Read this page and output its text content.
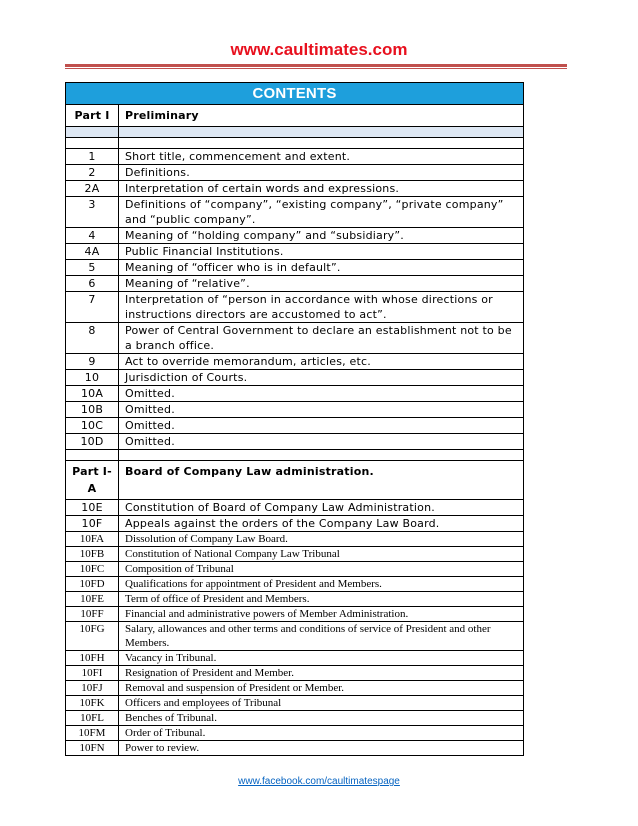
www.caultimates.com
CONTENTS	
Part I	Preliminary

1	Short title, commencement and extent.
2	Definitions.
2A	Interpretation of certain words and expressions.
3	Definitions of “company”, “existing company”, “private company” and “public company”.
4	Meaning of “holding company” and “subsidiary”.
4A	Public Financial Institutions.
5	Meaning of “officer who is in default”.
6	Meaning of “relative”.
7	Interpretation of “person in accordance with whose directions or instructions directors are accustomed to act”.
8	Power of Central Government to declare an establishment not to be a branch office.
9	Act to override memorandum, articles, etc.
10	Jurisdiction of Courts.
10A	Omitted.
10B	Omitted.
10C	Omitted.
10D	Omitted.

Part I-A	Board of Company Law administration.
10E	Constitution of Board of Company Law Administration.
10F	Appeals against the orders of the Company Law Board.
10FA	Dissolution of Company Law Board.
10FB	Constitution of National Company Law Tribunal
10FC	Composition of Tribunal
10FD	Qualifications for appointment of President and Members.
10FE	Term of office of President and Members.
10FF	Financial and administrative powers of Member Administration.
10FG	Salary, allowances and other terms and conditions of service of President and other Members.
10FH	Vacancy in Tribunal.
10FI	Resignation of President and Member.
10FJ	Removal and suspension of President or Member.
10FK	Officers and employees of Tribunal
10FL	Benches of Tribunal.
10FM	Order of Tribunal.
10FN	Power to review.
www.facebook.com/caultimatespage
